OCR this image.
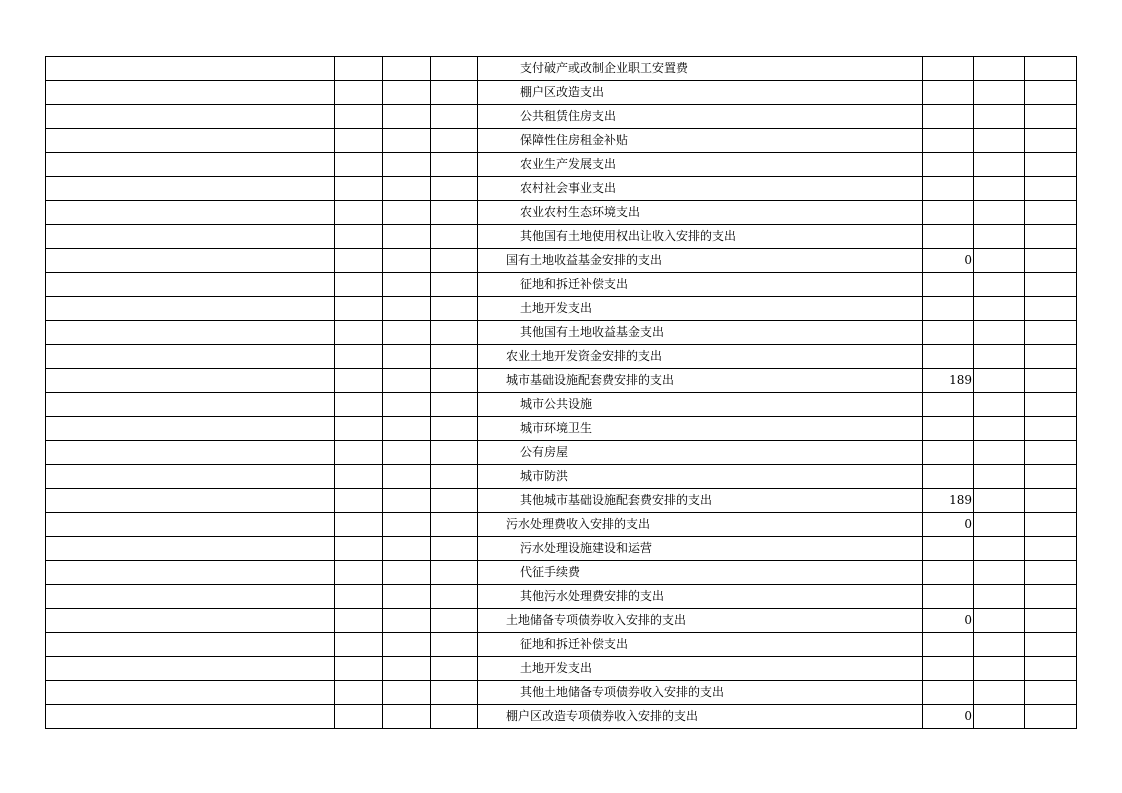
				支付破产或改制企业职工安置费			
				棚户区改造支出			
				公共租赁住房支出			
				保障性住房租金补贴			
				农业生产发展支出			
				农村社会事业支出			
				农业农村生态环境支出			
				其他国有土地使用权出让收入安排的支出			
				国有土地收益基金安排的支出	0		
				征地和拆迁补偿支出			
				土地开发支出			
				其他国有土地收益基金支出			
				农业土地开发资金安排的支出			
				城市基础设施配套费安排的支出	189		
				城市公共设施			
				城市环境卫生			
				公有房屋			
				城市防洪			
				其他城市基础设施配套费安排的支出	189		
				污水处理费收入安排的支出	0		
				污水处理设施建设和运营			
				代征手续费			
				其他污水处理费安排的支出			
				土地储备专项债券收入安排的支出	0		
				征地和拆迁补偿支出			
				土地开发支出			
				其他土地储备专项债券收入安排的支出			
				棚户区改造专项债券收入安排的支出	0		
